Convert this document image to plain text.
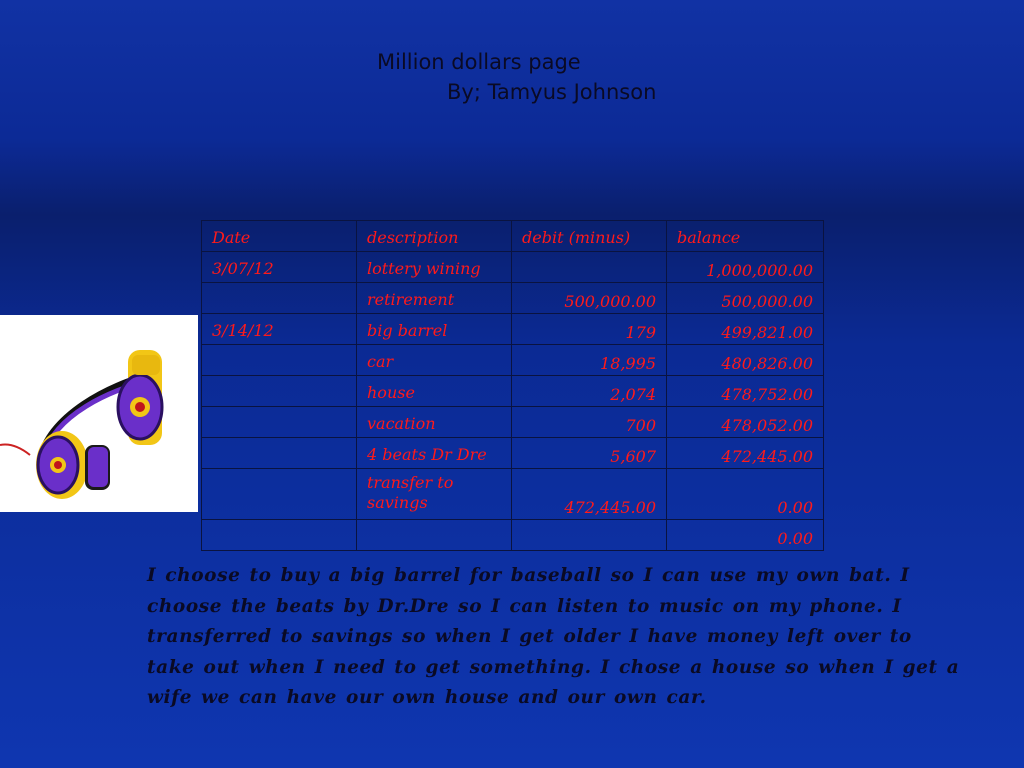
Million dollars page
By; Tamyus Johnson
Date	description	debit (minus)	balance
3/07/12	lottery wining		1,000,000.00
	retirement	500,000.00	500,000.00
3/14/12	big barrel	179	499,821.00
	car	18,995	480,826.00
	house	2,074	478,752.00
	vacation	700	478,052.00
	4 beats Dr Dre	5,607	472,445.00
	transfer to savings	472,445.00	0.00
			0.00

I choose to buy a big barrel for baseball so I can use my own bat. I choose the beats by Dr.Dre so I can listen to music on my phone. I transferred to savings so when I get older I have money left over to take out when I need to get something. I chose a house so when I get a wife we can have our own house and our own car.
